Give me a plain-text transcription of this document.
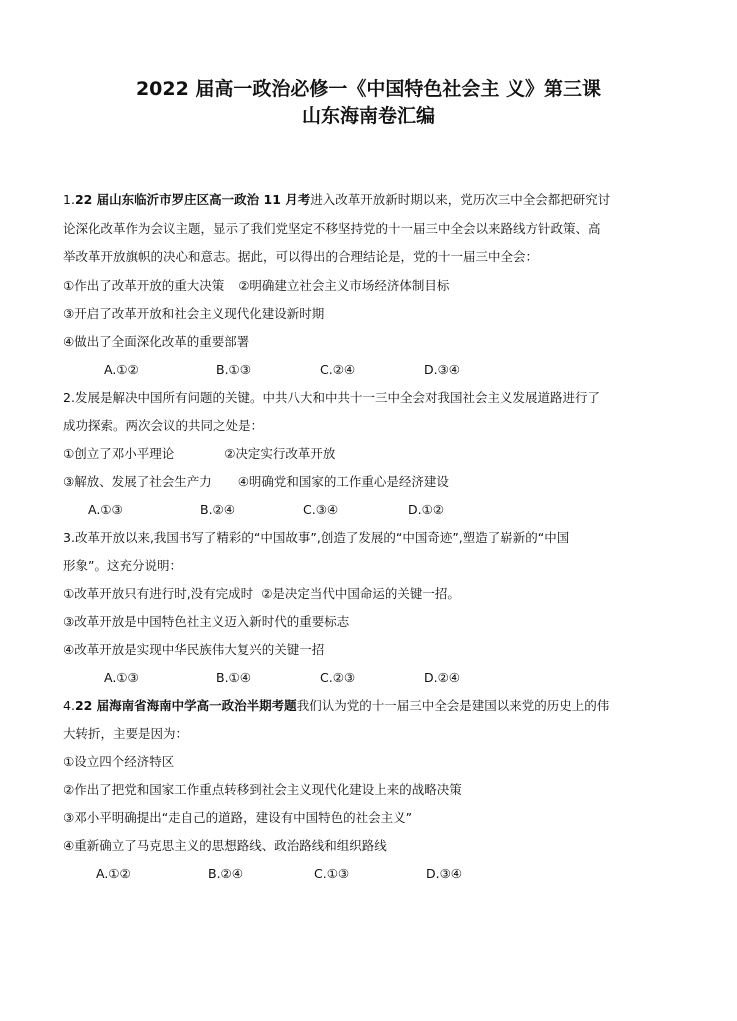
2022 届高一政治必修一《中国特色社会主 义》第三课
山东海南卷汇编
1.22 届山东临沂市罗庄区高一政治 11 月考进入改革开放新时期以来，党历次三中全会都把研究讨
论深化改革作为会议主题，显示了我们党坚定不移坚持党的十一届三中全会以来路线方针政策、高
举改革开放旗帜的决心和意志。据此，可以得出的合理结论是，党的十一届三中全会：
①作出了改革开放的重大决策 ②明确建立社会主义市场经济体制目标
③开启了改革开放和社会主义现代化建设新时期
④做出了全面深化改革的重要部署
A.①②	B.①③	C.②④	D.③④
2.发展是解决中国所有问题的关键。中共八大和中共十一三中全会对我国社会主义发展道路进行了
成功探索。两次会议的共同之处是：
①创立了邓小平理论	②决定实行改革开放
③解放、发展了社会生产力 ④明确党和国家的工作重心是经济建设
A.①③	B.②④	C.③④	D.①②
3.改革开放以来,我国书写了精彩的“中国故事”,创造了发展的“中国奇迹”,塑造了崭新的“中国
形象”。这充分说明：
①改革开放只有进行时,没有完成时 ②是决定当代中国命运的关键一招。
③改革开放是中国特色社主义迈入新时代的重要标志
④改革开放是实现中华民族伟大复兴的关键一招
A.①③	B.①④	C.②③	D.②④
4.22 届海南省海南中学高一政治半期考题我们认为党的十一届三中全会是建国以来党的历史上的伟
大转折，主要是因为：
①设立四个经济特区
②作出了把党和国家工作重点转移到社会主义现代化建设上来的战略决策
③邓小平明确提出“走自己的道路，建设有中国特色的社会主义”
④重新确立了马克思主义的思想路线、政治路线和组织路线
A.①②	B.②④	C.①③	D.③④
